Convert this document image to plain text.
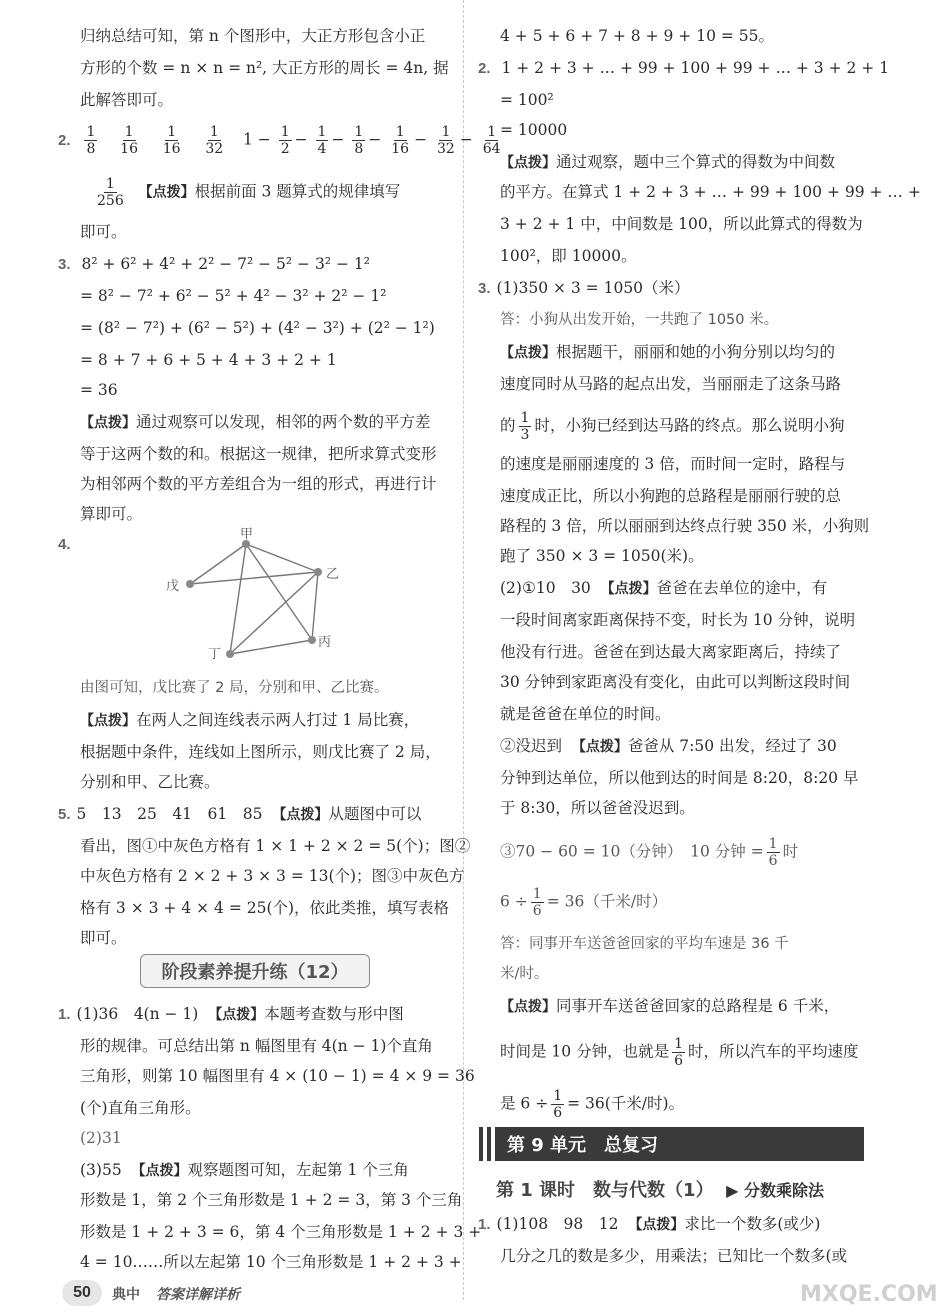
归纳总结可知，第 n 个图形中，大正方形包含小正
方形的个数 = n × n = n², 大正方形的周长 = 4n, 据
此解答即可。
2. $\frac{1}{8}$
$\frac{1}{16}$
$\frac{1}{16}$
$\frac{1}{32} 1 - \frac{1}{2} - \frac{1}{4} - \frac{1}{8} - \frac{1}{16} - \frac{1}{32} - \frac{1}{64}$
$\frac{1}{256}$ 【点拨】根据前面 3 题算式的规律填写
即可。
3. 8² + 6² + 4² + 2² − 7² − 5² − 3² − 1²
= 8² − 7² + 6² − 5² + 4² − 3² + 2² − 1²
= (8² − 7²) + (6² − 5²) + (4² − 3²) + (2² − 1²)
= 8 + 7 + 6 + 5 + 4 + 3 + 2 + 1
= 36
【点拨】通过观察可以发现，相邻的两个数的平方差
等于这两个数的和。根据这一规律，把所求算式变形
为相邻两个数的平方差组合为一组的形式，再进行计
算即可。
4.
甲
乙
丙
丁
戊
由图可知，戊比赛了 2 局，分别和甲、乙比赛。
【点拨】在两人之间连线表示两人打过 1 局比赛，
根据题中条件，连线如上图所示，则戊比赛了 2 局，
分别和甲、乙比赛。
5. 5　13　25　41　61　85 【点拨】从题图中可以
看出，图①中灰色方格有 1 × 1 + 2 × 2 = 5(个)；图②
中灰色方格有 2 × 2 + 3 × 3 = 13(个)；图③中灰色方
格有 3 × 3 + 4 × 4 = 25(个)，依此类推，填写表格
即可。
1. (1)36　4(n − 1) 【点拨】本题考查数与形中图
形的规律。可总结出第 n 幅图里有 4(n − 1)个直角
三角形，则第 10 幅图里有 4 × (10 − 1) = 4 × 9 = 36
(个)直角三角形。
(2)31
(3)55 【点拨】观察题图可知，左起第 1 个三角
形数是 1，第 2 个三角形数是 1 + 2 = 3，第 3 个三角
形数是 1 + 2 + 3 = 6，第 4 个三角形数是 1 + 2 + 3 +
4 = 10……所以左起第 10 个三角形数是 1 + 2 + 3 +
阶段素养提升练（12）
4 + 5 + 6 + 7 + 8 + 9 + 10 = 55。
2. 1 + 2 + 3 + … + 99 + 100 + 99 + … + 3 + 2 + 1
= 100²
= 10000
【点拨】通过观察，题中三个算式的得数为中间数
的平方。在算式 1 + 2 + 3 + … + 99 + 100 + 99 + … +
3 + 2 + 1 中，中间数是 100，所以此算式的得数为
100²，即 10000。
3. (1)350 × 3 = 1050（米）
答：小狗从出发开始，一共跑了 1050 米。
【点拨】根据题干，丽丽和她的小狗分别以均匀的
速度同时从马路的起点出发，当丽丽走了这条马路
的 $\frac{1}{3}$ 时，小狗已经到达马路的终点。那么说明小狗
的速度是丽丽速度的 3 倍，而时间一定时，路程与
速度成正比，所以小狗跑的总路程是丽丽行驶的总
路程的 3 倍，所以丽丽到达终点行驶 350 米，小狗则
跑了 350 × 3 = 1050(米)。
(2)①10　30 【点拨】爸爸在去单位的途中，有
一段时间离家距离保持不变，时长为 10 分钟，说明
他没有行进。爸爸在到达最大离家距离后，持续了
30 分钟到家距离没有变化，由此可以判断这段时间
就是爸爸在单位的时间。
②没迟到 【点拨】爸爸从 7:50 出发，经过了 30
分钟到达单位，所以他到达的时间是 8:20，8:20 早
于 8:30，所以爸爸没迟到。
③70 − 60 = 10（分钟）　10 分钟 = $\frac{1}{6}$ 时
$6 \div \frac{1}{6} = 36$（千米/时）
答：同事开车送爸爸回家的平均车速是 36 千
米/时。
【点拨】同事开车送爸爸回家的总路程是 6 千米，
时间是 10 分钟，也就是 $\frac{1}{6}$ 时，所以汽车的平均速度
是 $6 \div \frac{1}{6} = 36$(千米/时)。
1. (1)108　98　12 【点拨】求比一个数多(或少)
几分之几的数是多少，用乘法；已知比一个数多(或
第 9 单元　总复习
第 1 课时　数与代数（1） ▶ 分数乘除法
50	典中 答案详解详析	MXQE.COM
